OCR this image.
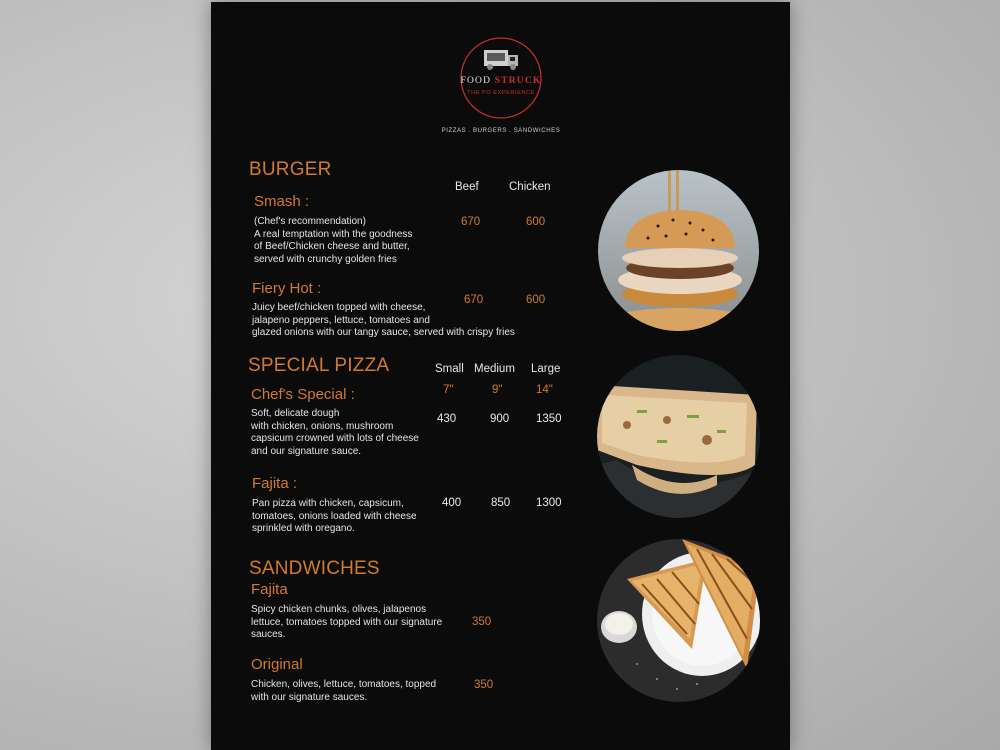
FOOD STRUCK
THE PO EXPERIENCE
PIZZAS . BURGERS . SANDWICHES
BURGER
Beef	Chicken
Smash :
(Chef's recommendation)
A real temptation with the goodness
of Beef/Chicken cheese and butter,
served with crunchy golden fries
670	600
Fiery Hot :
Juicy beef/chicken topped with cheese,
jalapeno peppers, lettuce, tomatoes and
glazed onions with our tangy sauce, served with crispy fries
670	600
SPECIAL PIZZA	Small Medium Large
7"	9"	14"
Chef's Special :
Soft, delicate dough
with chicken, onions, mushroom
capsicum crowned with lots of cheese
and our signature sauce.
430	900 1350
Fajita :
Pan pizza with chicken, capsicum,
tomatoes, onions loaded with cheese
sprinkled with oregano.
400	850 1300
SANDWICHES
Fajita
Spicy chicken chunks, olives, jalapenos
lettuce, tomatoes topped with our signature
sauces.
350
Original
Chicken, olives, lettuce, tomatoes, topped
with our signature sauces.
350
